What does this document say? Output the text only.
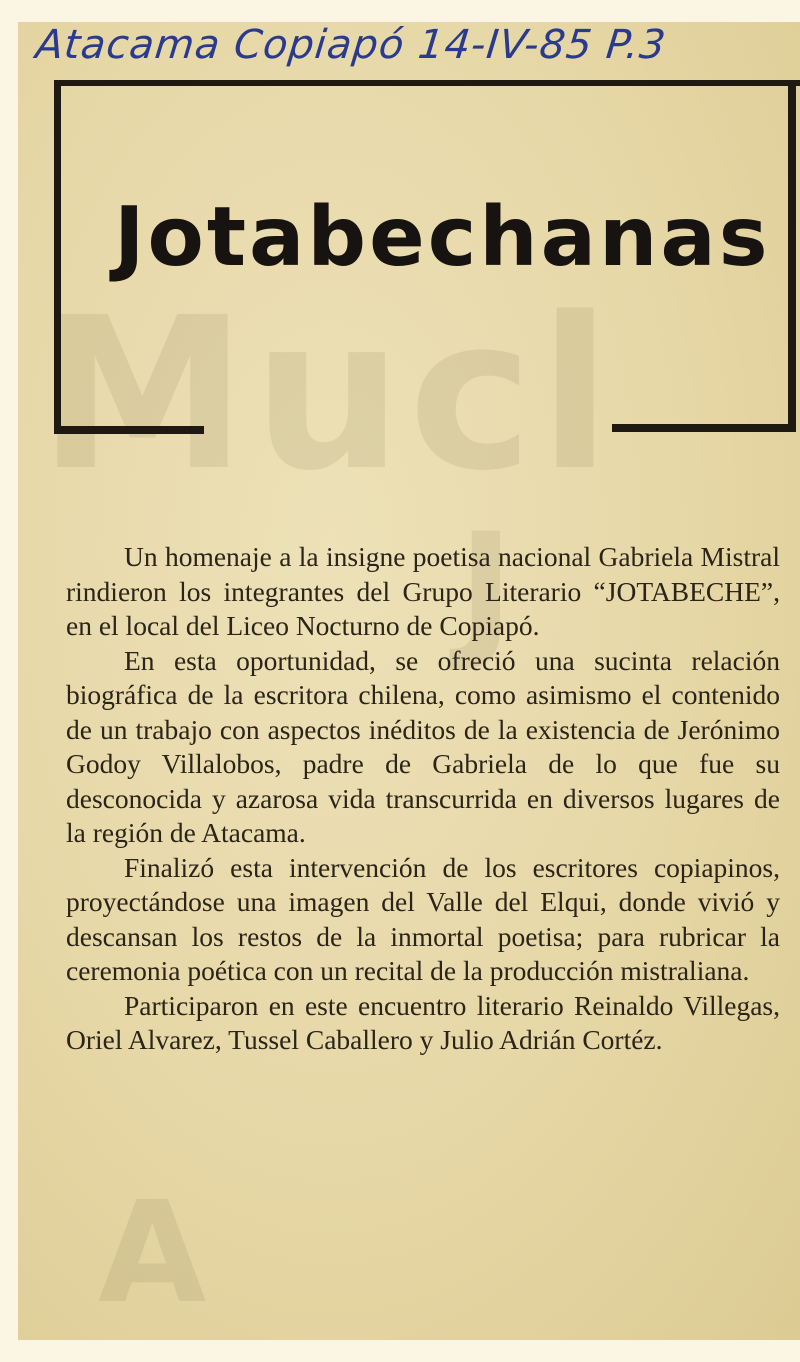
Mucl
J
A
Atacama Copiapó 14-IV-85 P.3
Jotabechanas

Un homenaje a la insigne poetisa nacional Gabriela Mistral rindieron los integrantes del Grupo Literario “JOTABECHE”, en el local del Liceo Nocturno de Copiapó.

En esta oportunidad, se ofreció una sucinta relación biográfica de la escritora chilena, como asimismo el contenido de un trabajo con aspectos inéditos de la existencia de Jerónimo Godoy Villalobos, padre de Gabriela de lo que fue su desconocida y azarosa vida transcurrida en diversos lugares de la región de Atacama.

Finalizó esta intervención de los escritores copiapinos, proyectándose una imagen del Valle del Elqui, donde vivió y descansan los restos de la inmortal poetisa; para rubricar la ceremonia poética con un recital de la producción mistraliana.

Participaron en este encuentro literario Reinaldo Villegas, Oriel Alvarez, Tussel Caballero y Julio Adrián Cortéz.
